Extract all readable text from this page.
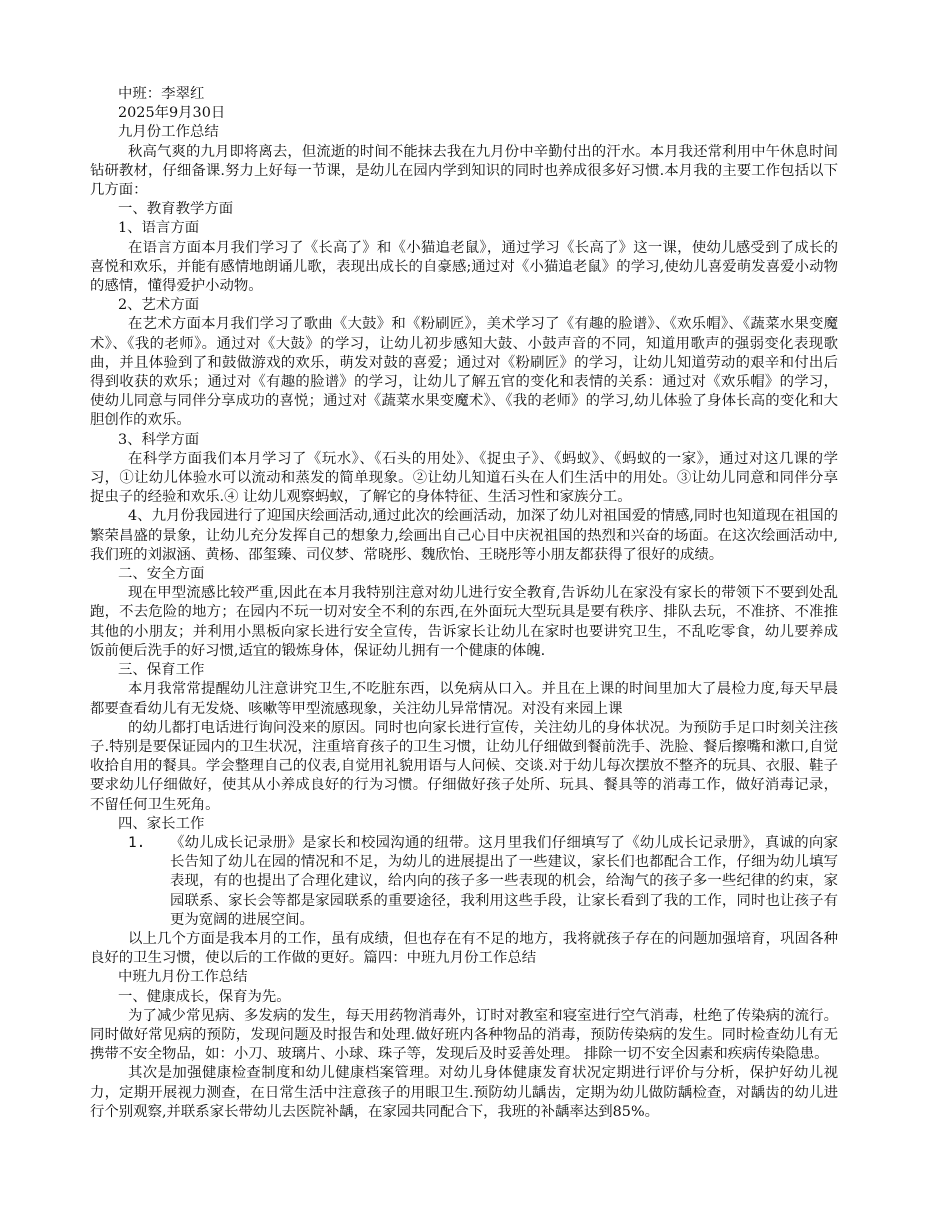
中班：李翠红

2025年9月30日

九月份工作总结

秋高气爽的九月即将离去，但流逝的时间不能抹去我在九月份中辛勤付出的汗水。本月我还常利用中午休息时间钻研教材，仔细备课.努力上好每一节课，是幼儿在园内学到知识的同时也养成很多好习惯.本月我的主要工作包括以下几方面：

一、教育教学方面

1、语言方面

在语言方面本月我们学习了《长高了》和《小猫追老鼠》，通过学习《长高了》这一课，使幼儿感受到了成长的喜悦和欢乐，并能有感情地朗诵儿歌，表现出成长的自豪感;通过对《小猫追老鼠》的学习,使幼儿喜爱萌发喜爱小动物的感情，懂得爱护小动物。

2、艺术方面

在艺术方面本月我们学习了歌曲《大鼓》和《粉刷匠》，美术学习了《有趣的脸谱》、《欢乐帽》、《蔬菜水果变魔术》、《我的老师》。通过对《大鼓》的学习，让幼儿初步感知大鼓、小鼓声音的不同，知道用歌声的强弱变化表现歌曲，并且体验到了和鼓做游戏的欢乐，萌发对鼓的喜爱；通过对《粉刷匠》的学习，让幼儿知道劳动的艰辛和付出后得到收获的欢乐；通过对《有趣的脸谱》的学习，让幼儿了解五官的变化和表情的关系：通过对《欢乐帽》的学习，使幼儿同意与同伴分享成功的喜悦；通过对《蔬菜水果变魔术》、《我的老师》的学习,幼儿体验了身体长高的变化和大胆创作的欢乐。

3、科学方面

在科学方面我们本月学习了《玩水》、《石头的用处》、《捉虫子》、《蚂蚁》、《蚂蚁的一家》，通过对这几课的学习，①让幼儿体验水可以流动和蒸发的简单现象。②让幼儿知道石头在人们生活中的用处。③让幼儿同意和同伴分享捉虫子的经验和欢乐.④ 让幼儿观察蚂蚁，了解它的身体特征、生活习性和家族分工。

4、九月份我园进行了迎国庆绘画活动,通过此次的绘画活动，加深了幼儿对祖国爱的情感,同时也知道现在祖国的繁荣昌盛的景象，让幼儿充分发挥自己的想象力,绘画出自己心目中庆祝祖国的热烈和兴奋的场面。在这次绘画活动中,我们班的刘淑涵、黄杨、邵玺臻、司仪梦、常晓彤、魏欣怡、王晓彤等小朋友都获得了很好的成绩。

二、安全方面

现在甲型流感比较严重,因此在本月我特别注意对幼儿进行安全教育,告诉幼儿在家没有家长的带领下不要到处乱跑，不去危险的地方；在园内不玩一切对安全不利的东西,在外面玩大型玩具是要有秩序、排队去玩，不准挤、不准推其他的小朋友；并利用小黑板向家长进行安全宣传，告诉家长让幼儿在家时也要讲究卫生，不乱吃零食，幼儿要养成饭前便后洗手的好习惯,适宜的锻炼身体，保证幼儿拥有一个健康的体魄.

三、保育工作

本月我常常提醒幼儿注意讲究卫生,不吃脏东西，以免病从口入。并且在上课的时间里加大了晨检力度,每天早晨都要查看幼儿有无发烧、咳嗽等甲型流感现象，关注幼儿异常情况。对没有来园上课

的幼儿都打电话进行询问没来的原因。同时也向家长进行宣传，关注幼儿的身体状况。为预防手足口时刻关注孩子.特别是要保证园内的卫生状况，注重培育孩子的卫生习惯，让幼儿仔细做到餐前洗手、洗脸、餐后擦嘴和漱口,自觉收拾自用的餐具。学会整理自己的仪表,自觉用礼貌用语与人问候、交谈.对于幼儿每次摆放不整齐的玩具、衣服、鞋子要求幼儿仔细做好，使其从小养成良好的行为习惯。仔细做好孩子处所、玩具、餐具等的消毒工作，做好消毒记录，不留任何卫生死角。

四、家长工作

1.	《幼儿成长记录册》是家长和校园沟通的纽带。这月里我们仔细填写了《幼儿成长记录册》，真诚的向家长告知了幼儿在园的情况和不足，为幼儿的进展提出了一些建议，家长们也都配合工作，仔细为幼儿填写表现，有的也提出了合理化建议，给内向的孩子多一些表现的机会，给淘气的孩子多一些纪律的约束，家园联系、家长会等都是家园联系的重要途径，我利用这些手段，让家长看到了我的工作，同时也让孩子有更为宽阔的进展空间。

以上几个方面是我本月的工作，虽有成绩，但也存在有不足的地方，我将就孩子存在的问题加强培育，巩固各种良好的卫生习惯，使以后的工作做的更好。篇四：中班九月份工作总结

中班九月份工作总结

一、健康成长，保育为先。

为了减少常见病、多发病的发生，每天用药物消毒外，订时对教室和寝室进行空气消毒，杜绝了传染病的流行。同时做好常见病的预防，发现问题及时报告和处理.做好班内各种物品的消毒，预防传染病的发生。同时检查幼儿有无携带不安全物品，如：小刀、玻璃片、小球、珠子等，发现后及时妥善处理。 排除一切不安全因素和疾病传染隐患。

其次是加强健康检查制度和幼儿健康档案管理。对幼儿身体健康发育状况定期进行评价与分析，保护好幼儿视力，定期开展视力测查，在日常生活中注意孩子的用眼卫生.预防幼儿龋齿，定期为幼儿做防龋检查，对龋齿的幼儿进行个别观察,并联系家长带幼儿去医院补龋，在家园共同配合下，我班的补龋率达到85%。
